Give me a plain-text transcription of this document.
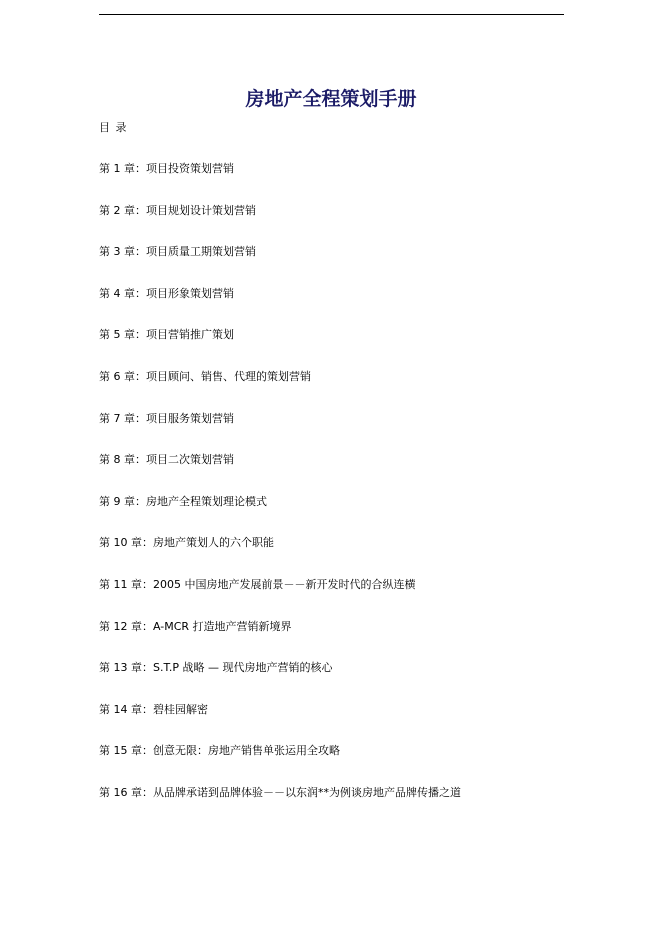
房地产全程策划手册
目 录
第 1 章：项目投资策划营销
第 2 章：项目规划设计策划营销
第 3 章：项目质量工期策划营销
第 4 章：项目形象策划营销
第 5 章：项目营销推广策划
第 6 章：项目顾问、销售、代理的策划营销
第 7 章：项目服务策划营销
第 8 章：项目二次策划营销
第 9 章：房地产全程策划理论模式
第 10 章：房地产策划人的六个职能
第 11 章：2005 中国房地产发展前景－－新开发时代的合纵连横
第 12 章：A-MCR 打造地产营销新境界
第 13 章：S.T.P 战略 — 现代房地产营销的核心
第 14 章：碧桂园解密
第 15 章：创意无限：房地产销售单张运用全攻略
第 16 章：从品牌承诺到品牌体验－－以东润**为例谈房地产品牌传播之道
